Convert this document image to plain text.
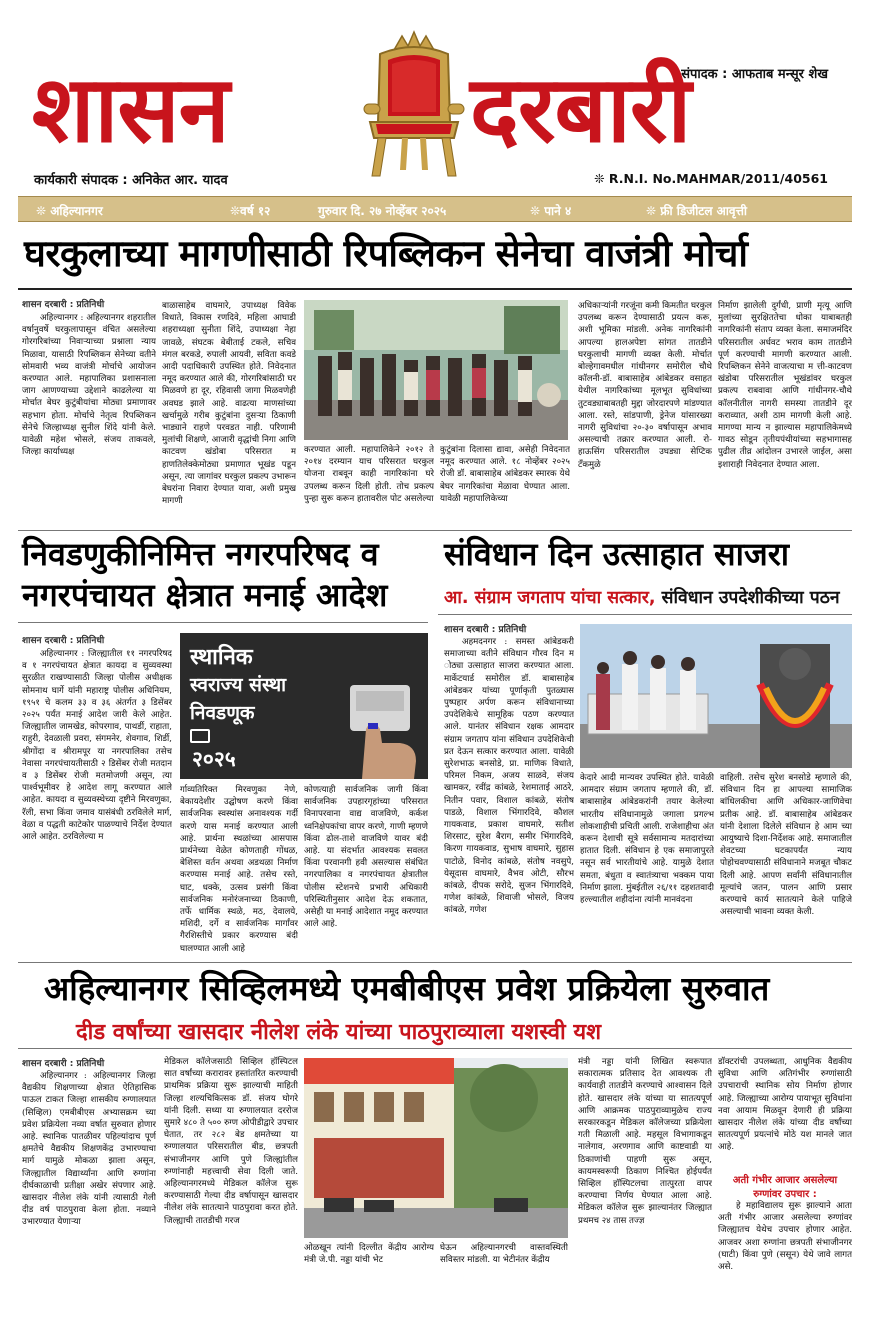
संपादक : आफताब मन्सूर शेख
शासन	दरबारी
कार्यकारी संपादक : अनिकेत आर. यादव	❊ R.N.I. No.MAHMAR/2011/40561
❊ अहिल्यानगर	❊वर्ष १२	गुरुवार दि. २७ नोव्हेंबर २०२५	❊ पाने ४	❊ फ्री डिजीटल आवृत्ती
घरकुलाच्या मागणीसाठी रिपब्लिकन सेनेचा वाजंत्री मोर्चा
शासन दरबारी : प्रतिनिधी

अहिल्यानगर : अहिल्यानगर शहरातील वर्षानुवर्षे घरकुलापासून वंचित असलेल्या गोरगरिबांच्या निवाऱ्याच्या प्रश्नाला न्याय मिळावा, यासाठी रिपब्लिकन सेनेच्या वतीने सोमवारी भव्य वाजंत्री मोर्चाचे आयोजन करण्यात आले. महापालिका प्रशासनाला जाग आणण्याच्या उद्देशाने काढलेल्या या मोर्चात बेघर कुटुंबीयांचा मोठ्या प्रमाणावर सहभाग होता. मोर्चाचे नेतृत्व रिपब्लिकन सेनेचे जिल्हाध्यक्ष सुनील शिंदे यांनी केले. यावेळी महेश भोसले, संजय ताकवले, जिल्हा कार्याध्यक्ष

बाळासाहेब वाघमारे, उपाध्यक्ष विवेक विधाते, विकास रणदिवे, महिला आघाडी शहराध्यक्षा सुनीता शिंदे, उपाध्यक्षा नेहा जावळे, संघटक बेबीताई टकले, सचिव मंगल बरकडे, रुपाली आयवी, सविता कवडे आदी पदाधिकारी उपस्थित होते. निवेदनात नमूद करण्यात आले की, गोरगरिबांसाठी घर मिळवणे हा दूर, रहिवासी जागा मिळवणेही अवघड झाले आहे. वाढत्या माणसांच्या खर्चामुळे गरीब कुटुंबांना दुसऱ्या ठिकाणी भाड्याने राहणे परवडत नाही. परिणामी मुलांची शिक्षणे, आजारी वृद्धांची निगा आणि काटवण खंडोबा परिसरात म हाणतिलेक्केमोठ्या प्रमाणात भूखंड पडून असून, त्या जागांवर घरकुल प्रकल्प उभारून बेघरांना निवारा देण्यात यावा, अशी प्रमुख मागणी

करण्यात आली. महापालिकेने २०१२ ते २०१४ दरम्यान याच परिसरात घरकुल योजना राबवून काही नागरिकांना घरे उपलब्ध करून दिली होती. तोच प्रकल्प पुन्हा सुरू करून हातावरील पोट असलेल्या

कुटुंबांना दिलासा द्यावा, असेही निवेदनात नमूद करण्यात आले. १८ नोव्हेंबर २०२५ रोजी डॉ. बाबासाहेब आंबेडकर स्मारक येथे बेघर नागरिकांचा मेळावा घेण्यात आला. यावेळी महापालिकेच्या

अधिकाऱ्यांनी गरजूंना कमी किमतीत घरकुल उपलब्ध करून देण्यासाठी प्रयत्न करू, अशी भूमिका मांडली. अनेक नागरिकांनी आपल्या हालअपेष्टा सांगत तातडीने घरकुलाची मागणी व्यक्त केली. मोर्चात बोल्हेगावमधील गांधीनगर समोरील चौथे कॉलनी-डॉ. बाबासाहेब आंबेडकर वसाहत येथील नागरिकांच्या मूलभूत सुविधांच्या तुटवड्याबाबतही मुद्दा जोरदारपणे मांडण्यात आला. रस्ते, सांडपाणी, ड्रेनेज यांसारख्या नागरी सुविधांचा २०-३० वर्षापासून अभाव असल्याची तक्रार करण्यात आली. रो-हाऊसिंग परिसरातील उघड्या सेप्टिक टँकमुळे

निर्माण झालेली दुर्गंधी, प्राणी मृत्यू आणि मुलांच्या सुरक्षिततेचा धोका याबाबतही नागरिकांनी संताप व्यक्त केला. समाजमंदिर परिसरातील अर्धवट भराव काम तातडीने पूर्ण करण्याची मागणी करण्यात आली. रिपब्लिकन सेनेने वाजत्याचा म त्ती-काटवण खंडोबा परिसरातील भूखंडांवर घरकुल प्रकल्प राबवावा आणि गांधीनगर-चौथे कॉलनीतील नागरी समस्या तातडीने दूर कराव्यात, अशी ठाम मागणी केली आहे. मागण्या मान्य न झाल्यास महापालिकेमध्ये गावठ सोडून तृतीयपंथीयांच्या सहभागासह पुढील तीव्र आंदोलन उभारले जाईल, असा इशाराही निवेदनात देण्यात आला.

निवडणुकीनिमित्त नगरपरिषद व
नगरपंचायत क्षेत्रात मनाई आदेश
शासन दरबारी : प्रतिनिधी

अहिल्यानगर : जिल्ह्यातील ११ नगरपरिषद व १ नगरपंचायत क्षेत्रात कायदा व सुव्यवस्था सुरळीत राखण्यासाठी जिल्हा पोलीस अधीक्षक सोमनाथ घार्गे यांनी महाराष्ट्र पोलीस अधिनियम, १९५१ चे कलम ३३ व ३६ अंतर्गत ३ डिसेंबर २०२५ पर्यंत मनाई आदेश जारी केले आहेत. जिल्ह्यातील जामखेड, कोपरगाव, पाथर्डी, राहाता, राहुरी, देवळाली प्रवरा, संगमनेर, शेवगाव, शिर्डी, श्रीगोंदा व श्रीरामपूर या नगरपालिका तसेच नेवासा नगरपंचायतीसाठी २ डिसेंबर रोजी मतदान व ३ डिसेंबर रोजी मतमोजणी असून, त्या पार्श्वभूमीवर हे आदेश लागू करण्यात आले आहेत. कायदा व सुव्यवस्थेच्या दृष्टीने मिरवणुका, रॅली, सभा किंवा जमाव यासंबंधी ठरविलेले मार्ग, वेळा व पद्धती काटेकोर पाळण्याचे निर्देश देण्यात आले आहेत. ठरविलेल्या म

स्थानिक
स्वराज्य संस्था
निवडणूक
२०२५

र्गाव्यतिरिक्त मिरवणुका नेणे, बेकायदेशीर उद्घोषण करणे किंवा सार्वजनिक स्वस्थांस अनावश्यक गर्दी करणे यास मनाई करण्यात आली आहे. प्रार्थना स्थळांच्या आसपास प्रार्थनेच्या वेळेत कोणताही गोंधळ, बेशिस्त वर्तन अथवा अडथळा निर्माण करण्यास मनाई आहे. तसेच रस्ते, घाट, धक्के, उत्सव प्रसंगी किंवा सार्वजनिक मनोरंजनाच्या ठिकाणी, तर्फे धार्मिक स्थळे, मठ, देवालये, मशिदी, दर्गे व सार्वजनिक मार्गांवर गैरशिस्तीचे प्रकार करण्यास बंदी घालण्यात आली आहे

कोणत्याही सार्वजनिक जागी किंवा सार्वजनिक उपहारगृहांच्या परिसरात विनापरवाना वाद्य वाजविणे, कर्कश ध्वनिक्षेपकांचा वापर करणे, गाणी म्हणणे किंवा ढोल-ताशे वाजविणे यावर बंदी आहे. या संदर्भात आवश्यक सवलत किंवा परवानगी हवी असल्यास संबंधित नगरपालिका व नगरपंचायत क्षेत्रातील पोलीस स्टेशनचे प्रभारी अधिकारी परिस्थितीनुसार आदेश देऊ शकतात, असेही या मनाई आदेशात नमूद करण्यात आले आहे.

संविधान दिन उत्साहात साजरा
आ. संग्राम जगताप यांचा सत्कार, संविधान उपदेशीकीच्या पठन
शासन दरबारी : प्रतिनिधी

अहमदनगर : समस्त आंबेडकरी समाजाच्या वतीने संविधान गौरव दिन म ोठ्या उत्साहात साजरा करण्यात आला. मार्केटयार्ड समोरील डॉ. बाबासाहेब आंबेडकर यांच्या पूर्णाकृती पुतळ्यास पुष्पहार अर्पण करून संविधानाच्या उपदेशिकेचे सामूहिक पठण करण्यात आले. यानंतर संविधान रक्षक आमदार संग्राम जगताप यांना संविधान उपदेशिकेची प्रत देऊन सत्कार करण्यात आला. यावेळी सुरेशभाऊ बनसोडे, प्रा. माणिक विधाते, परिमल निकम, अजय साळवे, संजय खामकर, रवींद्र कांबळे, रेशमाताई आठरे, नितीन पवार, विशाल कांबळे, संतोष पाडळे, विशाल भिंगारदिवे, कौशल गायकवाड, प्रकाश वाघमारे, सतीश शिरसाट, सुरेश बैराग, समीर भिंगारदिवे, किरण गायकवाड, सुभाष वाघमारे, सुहास पाटोळे, विनोद कांबळे, संतोष नवसुपे, येसूदास वाघमारे, वैभव ओटी, सौरभ कांबळे, दीपक सरोदे, सुजन भिंगारदिवे, गणेश कांबळे, शिवाजी भोसले, विजय कांबळे, गणेश

केदारे आदी मान्यवर उपस्थित होते. यावेळी आमदार संग्राम जगताप म्हणाले की, डॉ. बाबासाहेब आंबेडकरांनी तयार केलेल्या भारतीय संविधानामुळे जगाला प्रगल्भ लोकशाहीची प्रचिती आली. राजेशाहीचा अंत करून देशाची सूत्रे सर्वसामान्य मतदारांच्या हातात दिली. संविधान हे एक समाजापुरते नसून सर्व भारतीयांचे आहे. यामुळे देशात समता, बंधुता व स्वातंत्र्याचा भक्कम पाया निर्माण झाला. मुंबईतील २६/११ दहशतवादी हल्ल्यातील शहीदांना त्यांनी मानवंदना

वाहिली. तसेच सुरेश बनसोडे म्हणाले की, संविधान दिन हा आपल्या सामाजिक बांधिलकीचा आणि अधिकार-जाणिवेचा प्रतीक आहे. डॉ. बाबासाहेब आंबेडकर यांनी देशाला दिलेले संविधान हे आम च्या आयुष्याचे दिशा-निर्देशक आहे. समाजातील शेवटच्या घटकापर्यंत न्याय पोहोचवण्यासाठी संविधानाने मजबूत चौकट दिली आहे. आपण सर्वांनी संविधानातील मूल्यांचे जतन, पालन आणि प्रसार करण्याचे कार्य सातत्याने केले पाहिजे असल्याची भावना व्यक्त केली.

अहिल्यानगर सिव्हिलमध्ये एमबीबीएस प्रवेश प्रक्रियेला सुरुवात
दीड वर्षांच्या खासदार नीलेश लंके यांच्या पाठपुराव्याला यशस्वी यश
शासन दरबारी : प्रतिनिधी

अहिल्यानगर : अहिल्यानगर जिल्हा वैद्यकीय शिक्षणाच्या क्षेत्रात ऐतिहासिक पाऊल टाकत जिल्हा शासकीय रुग्णालयात (सिव्हिल) एमबीबीएस अभ्यासक्रम च्या प्रवेश प्रक्रियेला नव्या वर्षात सुरुवात होणार आहे. स्थानिक पातळीवर पहिल्यांदाच पूर्ण क्षमतेचे वैद्यकीय शिक्षणकेंद्र उभारण्याचा मार्ग यामुळे मोकळा झाला असून, जिल्ह्यातील विद्यार्थ्यांना आणि रुग्णांना दीर्घकाळाची प्रतीक्षा अखेर संपणार आहे. खासदार नीलेश लंके यांनी त्यासाठी गेली दीड वर्ष पाठपुरावा केला होता. नव्याने उभारण्यात येणाऱ्या

मेडिकल कॉलेजसाठी सिव्हिल हॉस्पिटल सात वर्षांच्या करारावर हस्तांतरित करण्याची प्राथमिक प्रक्रिया सुरू झाल्याची माहिती जिल्हा शल्यचिकित्सक डॉ. संजय घोगरे यांनी दिली. सध्या या रुग्णालयात दररोज सुमारे ४८० ते ५०० रुग्ण ओपीडीद्वारे उपचार घेतात, तर २८२ बेड क्षमतेच्या या रुग्णालयात परिसरातील बीड, छत्रपती संभाजीनगर आणि पुणे जिल्ह्यांतील रुग्णांनाही महत्त्वाची सेवा दिली जाते. अहिल्यानगरमध्ये मेडिकल कॉलेज सुरू करण्यासाठी गेल्या दीड वर्षापासून खासदार नीलेश लंके सातत्याने पाठपुरावा करत होते. जिल्ह्याची तातडीची गरज

ओळखून त्यांनी दिल्लीत केंद्रीय आरोग्य मंत्री जे.पी. नड्डा यांची भेट

घेऊन अहिल्यानगरची वास्तवस्थिती सविस्तर मांडली. या भेटीनंतर केंद्रीय

मंत्री नड्डा यांनी लिखित स्वरूपात सकारात्मक प्रतिसाद देत आवश्यक ती कार्यवाही तातडीने करण्याचे आश्वासन दिले होते. खासदार लंके यांच्या या सातत्यपूर्ण आणि आक्रमक पाठपुराव्यामुळेच राज्य सरकारकडून मेडिकल कॉलेजच्या प्रक्रियेला गती मिळाली आहे. महसूल विभागाकडून नालेगाव, अरणगाव आणि काष्टवाडी या ठिकाणांची पाहणी सुरू असून, कायमस्वरूपी ठिकाण निश्चित होईपर्यंत सिव्हिल हॉस्पिटलचा तात्पुरता वापर करण्याचा निर्णय घेण्यात आला आहे. मेडिकल कॉलेज सुरू झाल्यानंतर जिल्ह्यात प्रथमच २४ तास तज्ज्ञ

डॉक्टरांची उपलब्धता, आधुनिक वैद्यकीय सुविधा आणि अतिगंभीर रुग्णांसाठी उपचाराची स्थानिक सोय निर्माण होणार आहे. जिल्ह्याच्या आरोग्य पायाभूत सुविधांना नवा आयाम मिळवून देणारी ही प्रक्रिया खासदार नीलेश लंके यांच्या दीड वर्षांच्या सातत्यपूर्ण प्रयत्नांचे मोठे यश मानले जात आहे.

अती गंभीर आजार असलेल्या
रुग्णांवर उपचार :

हे महाविद्यालय सुरू झाल्याने आता अती गंभीर आजार असलेल्या रुग्णांवर जिल्ह्यातच येथेच उपचार होणार आहेत. आजवर अशा रुग्णांना छत्रपती संभाजीनगर (घाटी) किंवा पुणे (ससून) येथे जावे लागत असे.
